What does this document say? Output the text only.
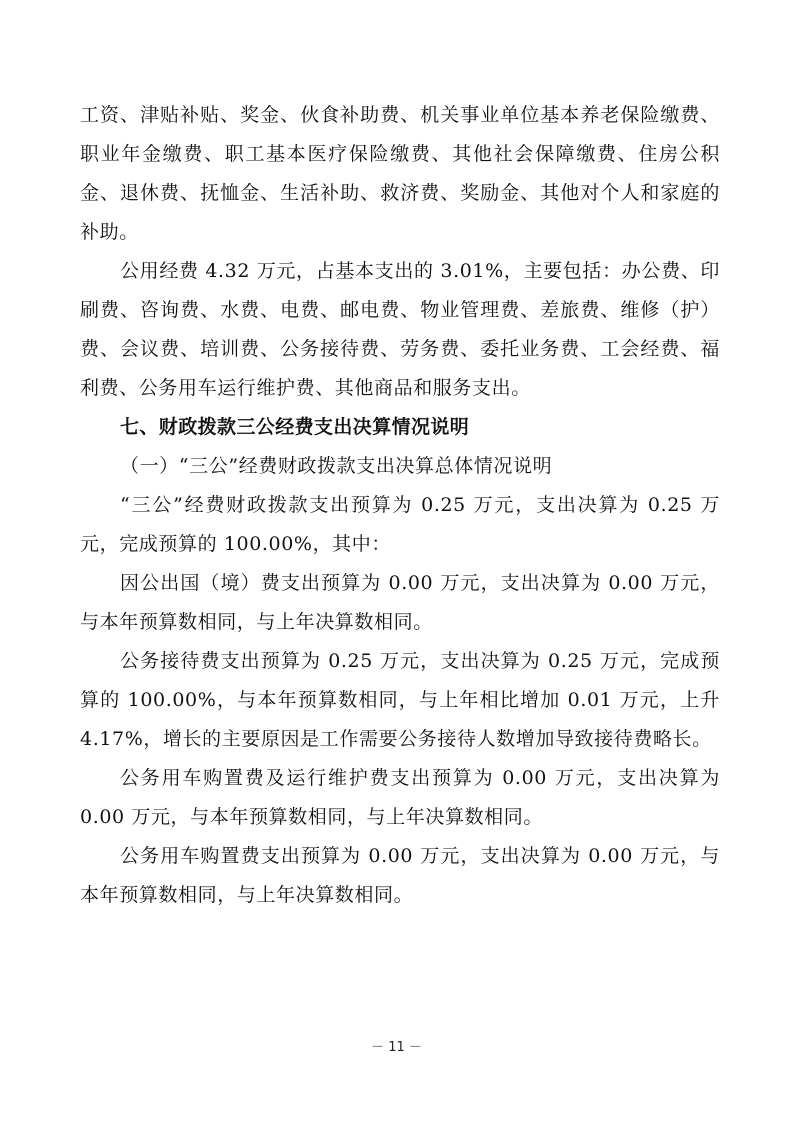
工资、津贴补贴、奖金、伙食补助费、机关事业单位基本养老保险缴费、职业年金缴费、职工基本医疗保险缴费、其他社会保障缴费、住房公积金、退休费、抚恤金、生活补助、救济费、奖励金、其他对个人和家庭的补助。

公用经费 4.32 万元，占基本支出的 3.01%，主要包括：办公费、印刷费、咨询费、水费、电费、邮电费、物业管理费、差旅费、维修（护）费、会议费、培训费、公务接待费、劳务费、委托业务费、工会经费、福利费、公务用车运行维护费、其他商品和服务支出。

七、财政拨款三公经费支出决算情况说明

（一）“三公”经费财政拨款支出决算总体情况说明

“三公”经费财政拨款支出预算为 0.25 万元，支出决算为 0.25 万元，完成预算的 100.00%，其中：

因公出国（境）费支出预算为 0.00 万元，支出决算为 0.00 万元，与本年预算数相同，与上年决算数相同。

公务接待费支出预算为 0.25 万元，支出决算为 0.25 万元，完成预算的 100.00%，与本年预算数相同，与上年相比增加 0.01 万元，上升 4.17%，增长的主要原因是工作需要公务接待人数增加导致接待费略长。

公务用车购置费及运行维护费支出预算为 0.00 万元，支出决算为 0.00 万元，与本年预算数相同，与上年决算数相同。

公务用车购置费支出预算为 0.00 万元，支出决算为 0.00 万元，与本年预算数相同，与上年决算数相同。

－ 11 －
